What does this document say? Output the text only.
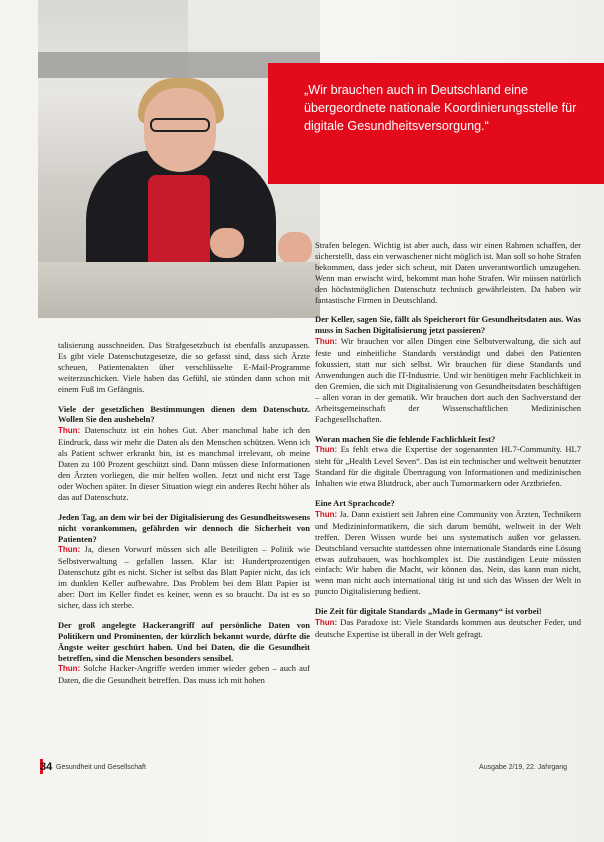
„Wir brauchen auch in Deutschland eine übergeordnete nationale Koordinierungsstelle für digitale Gesundheitsversorgung.“

talisierung ausschneiden. Das Strafgesetzbuch ist ebenfalls anzupassen. Es gibt viele Datenschutzgesetze, die so gefasst sind, dass sich Ärzte scheuen, Patientenakten über verschlüsselte E-Mail-Programme weiterzuschicken. Viele haben das Gefühl, sie stünden dann schon mit einem Fuß im Gefängnis.

Viele der gesetzlichen Bestimmungen dienen dem Datenschutz. Wollen Sie den aushebeln?

Thun: Datenschutz ist ein hohes Gut. Aber manchmal habe ich den Eindruck, dass wir mehr die Daten als den Menschen schützen. Wenn ich als Patient schwer erkrankt bin, ist es manchmal irrelevant, ob meine Daten zu 100 Prozent geschützt sind. Dann müssen diese Informationen den Ärzten vorliegen, die mir helfen wollen. Jetzt und nicht erst Tage oder Wochen später. In dieser Situation wiegt ein anderes Recht höher als das auf Datenschutz.

Jeden Tag, an dem wir bei der Digitalisierung des Gesundheitswesens nicht vorankommen, gefährden wir dennoch die Sicherheit von Patienten?

Thun: Ja, diesen Vorwurf müssen sich alle Beteiligten – Politik wie Selbstverwaltung – gefallen lassen. Klar ist: Hundertprozentigen Datenschutz gibt es nicht. Sicher ist selbst das Blatt Papier nicht, das ich im dunklen Keller aufbewahre. Das Problem bei dem Blatt Papier ist aber: Dort im Keller findet es keiner, wenn es so braucht. Da ist es so sicher, dass ich sterbe.

Der groß angelegte Hackerangriff auf persönliche Daten von Politikern und Prominenten, der kürzlich bekannt wurde, dürfte die Ängste weiter geschürt haben. Und bei Daten, die die Gesundheit betreffen, sind die Menschen besonders sensibel.

Thun: Solche Hacker-Angriffe werden immer wieder geben – auch auf Daten, die die Gesundheit betreffen. Das muss ich mit hohen

Strafen belegen. Wichtig ist aber auch, dass wir einen Rahmen schaffen, der sicherstellt, dass ein verwaschener nicht möglich ist. Man soll so hohe Strafen bekommen, dass jeder sich scheut, mit Daten unverantwortlich umzugehen. Wenn man erwischt wird, bekommt man hohe Strafen. Wir müssen natürlich den höchstmöglichen Datenschutz technisch gewährleisten. Da haben wir fantastische Firmen in Deutschland.

Der Keller, sagen Sie, fällt als Speicherort für Gesundheitsdaten aus. Was muss in Sachen Digitalisierung jetzt passieren?

Thun: Wir brauchen vor allen Dingen eine Selbstverwaltung, die sich auf feste und einheitliche Standards verständigt und dabei den Patienten fokussiert, statt nur sich selbst. Wir brauchen für diese Standards und Anwendungen auch die IT-Industrie. Und wir benötigen mehr Fachlichkeit in den Gremien, die sich mit Digitalisierung von Gesundheitsdaten beschäftigen – allen voran in der gematik. Wir brauchen dort auch den Sachverstand der Arbeitsgemeinschaft der Wissenschaftlichen Medizinischen Fachgesellschaften.

Woran machen Sie die fehlende Fachlichkeit fest?

Thun: Es fehlt etwa die Expertise der sogenannten HL7-Community. HL7 steht für „Health Level Seven“. Das ist ein technischer und weltweit benutzter Standard für die digitale Übertragung von Informationen und medizinischen Inhalten wie etwa Blutdruck, aber auch Tumormarkern oder Arztbriefen.

Eine Art Sprachcode?

Thun: Ja. Dann existiert seit Jahren eine Community von Ärzten, Technikern und Medizininformatikern, die sich darum bemüht, weltweit in der Welt treffen. Deren Wissen wurde bei uns systematisch außen vor gelassen. Deutschland versuchte stattdessen ohne internationale Standards eine Lösung etwas aufzubauen, was hochkomplex ist. Die zuständigen Leute müssten einfach: Wir haben die Macht, wir können das. Nein, das kann man nicht, wenn man nicht auch international tätig ist und sich das Wissen der Welt in puncto Digitalisierung bedient.

Die Zeit für digitale Standards „Made in Germany“ ist vorbei!

Thun: Das Paradoxe ist: Viele Standards kommen aus deutscher Feder, und deutsche Expertise ist überall in der Welt gefragt.

34 Gesundheit und Gesellschaft	Ausgabe 2/19, 22. Jahrgang
